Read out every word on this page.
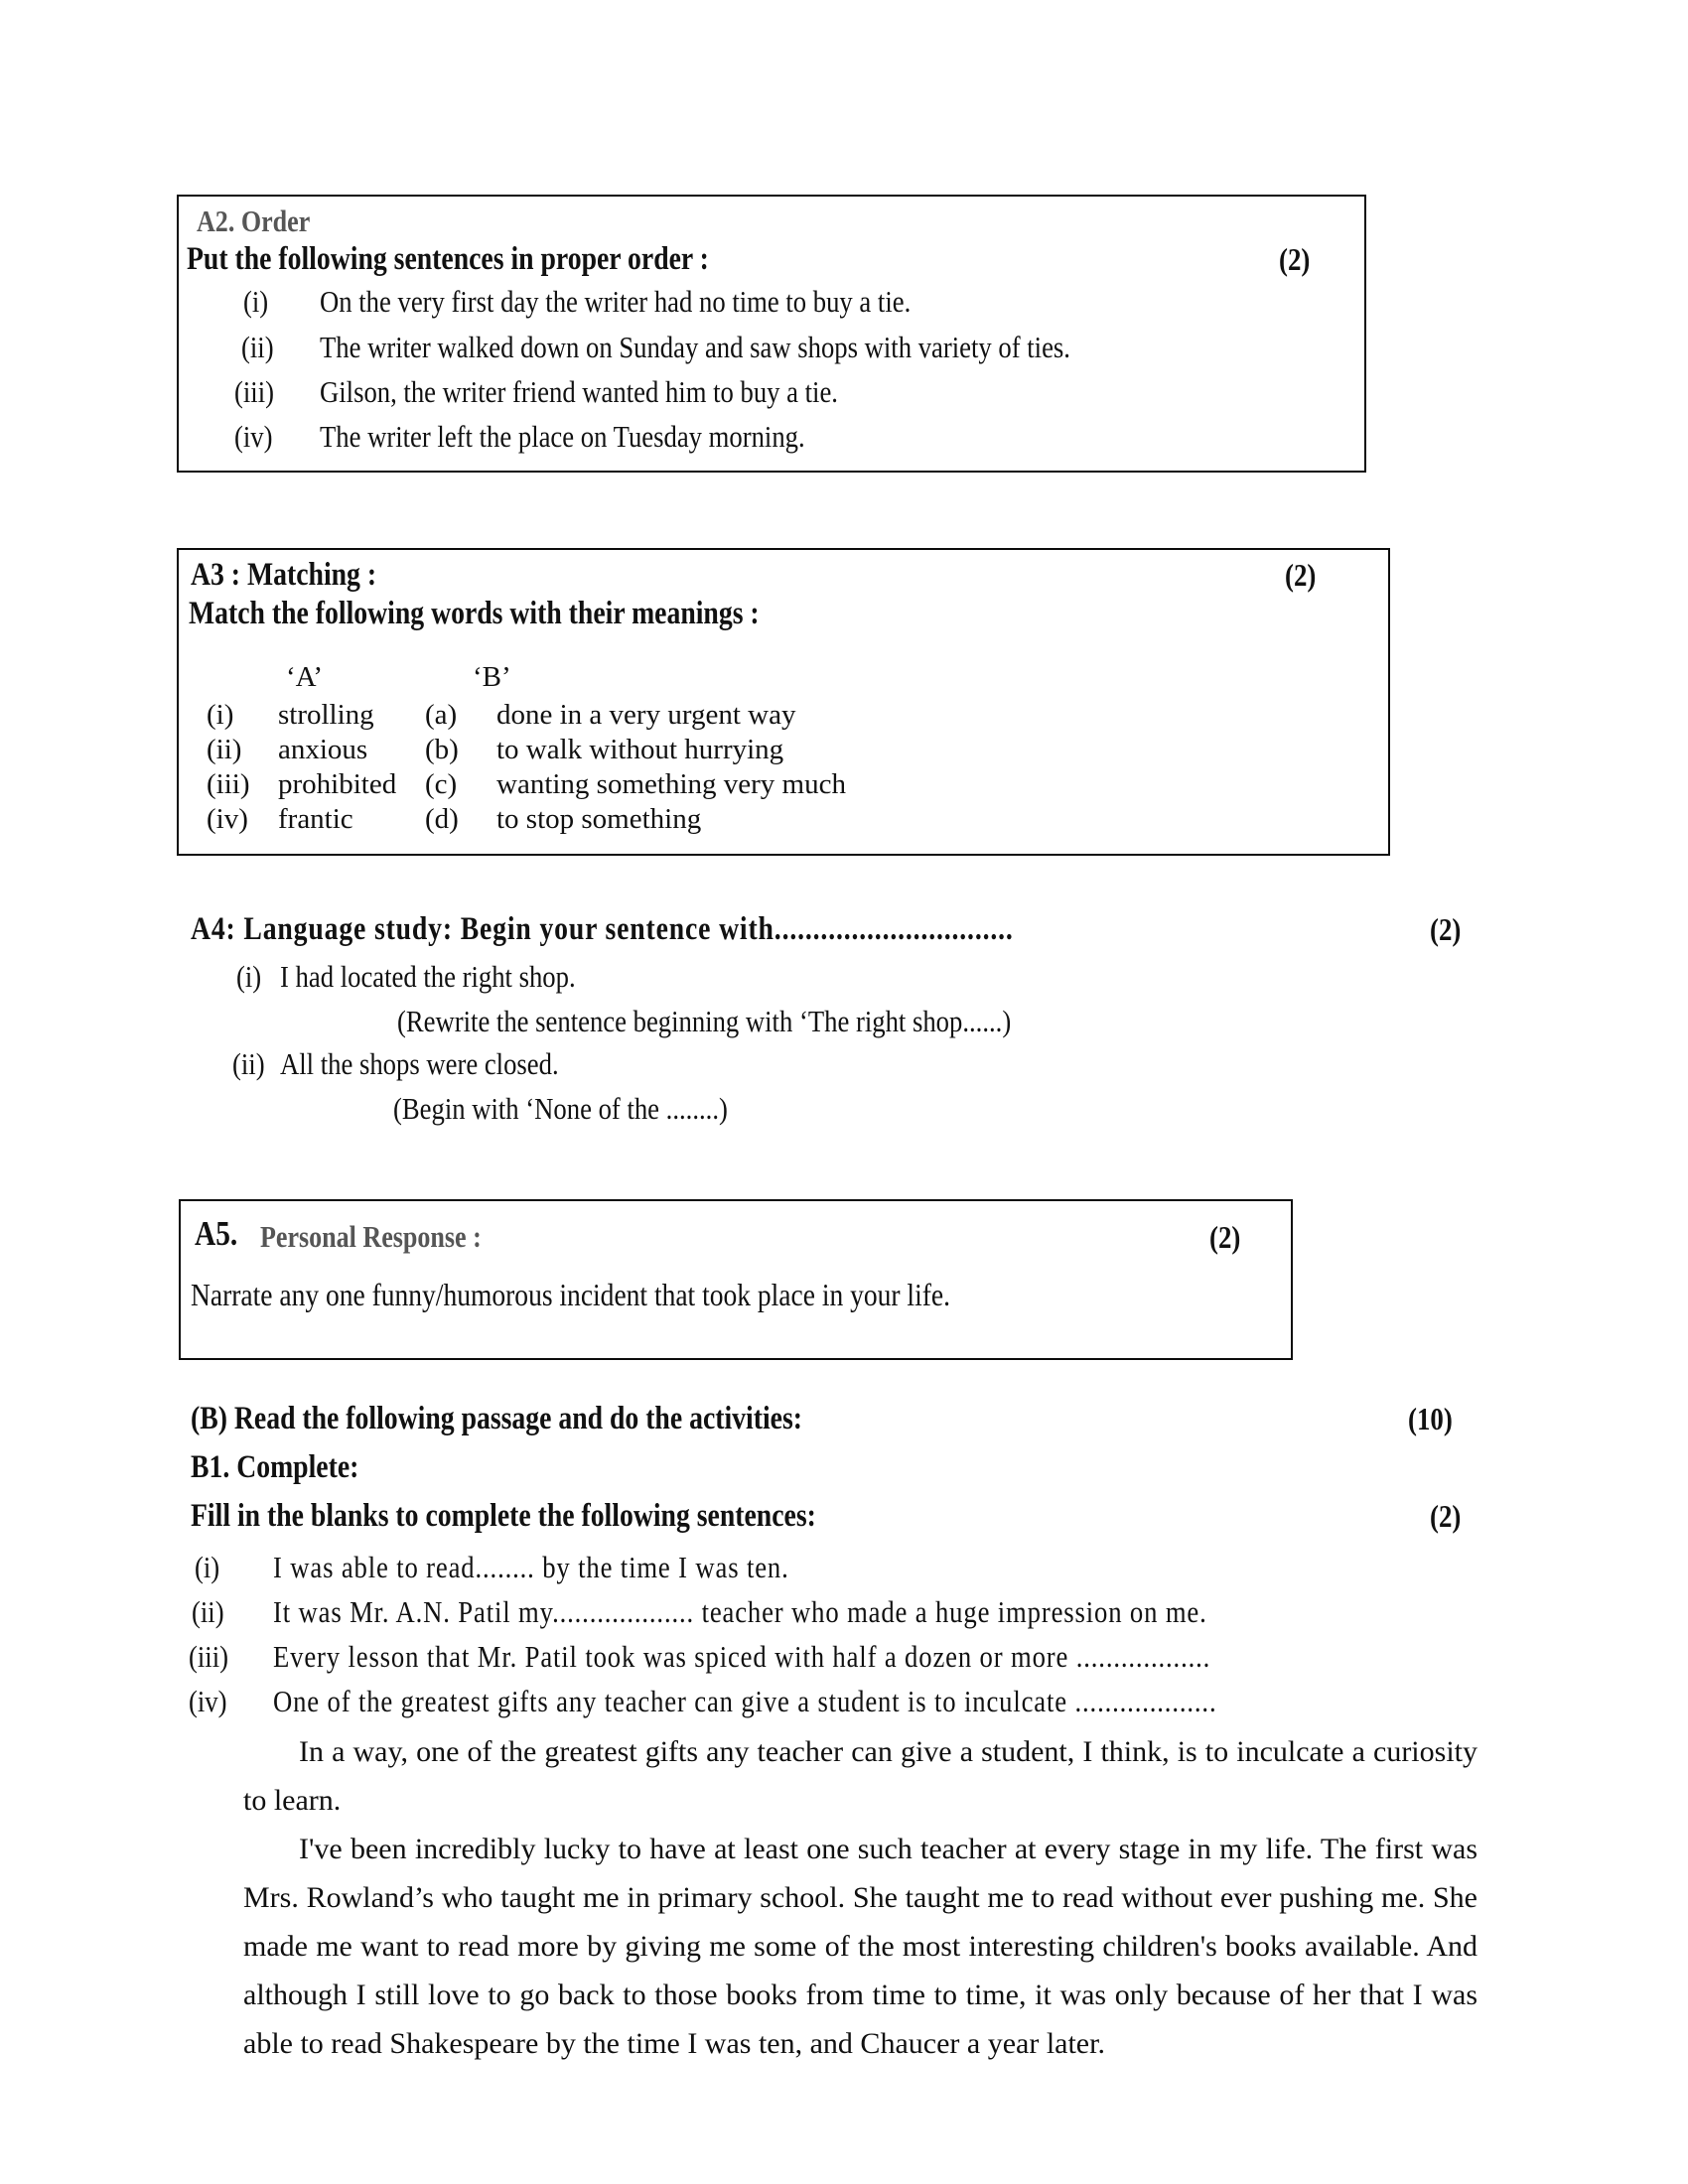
A2. Order
Put the following sentences in proper order :	(2)
(i) On the very first day the writer had no time to buy a tie.
(ii) The writer walked down on Sunday and saw shops with variety of ties.
(iii) Gilson, the writer friend wanted him to buy a tie.
(iv) The writer left the place on Tuesday morning.
A3 : Matching :	(2)
Match the following words with their meanings :
‘A’	‘B’
(i)	strolling	(a)	done in a very urgent way
(ii)	anxious	(b)	to walk without hurrying
(iii)	prohibited	(c)	wanting something very much
(iv)	frantic	(d)	to stop something
A4: Language study: Begin your sentence with...............................	(2)
(i) I had located the right shop.
(Rewrite the sentence beginning with ‘The right shop......)
(ii) All the shops were closed.
(Begin with ‘None of the ........)
A5. Personal Response :	(2)
Narrate any one funny/humorous incident that took place in your life.
(B) Read the following passage and do the activities:	(10)
B1. Complete:
Fill in the blanks to complete the following sentences:	(2)
(i) I was able to read........ by the time I was ten.
(ii) It was Mr. A.N. Patil my................... teacher who made a huge impression on me.
(iii) Every lesson that Mr. Patil took was spiced with half a dozen or more ..................
(iv) One of the greatest gifts any teacher can give a student is to inculcate ...................
In a way, one of the greatest gifts any teacher can give a student, I think, is to inculcate a curiosity to learn.
I've been incredibly lucky to have at least one such teacher at every stage in my life. The first was Mrs. Rowland’s who taught me in primary school. She taught me to read without ever pushing me. She made me want to read more by giving me some of the most interesting children's books available. And although I still love to go back to those books from time to time, it was only because of her that I was able to read Shakespeare by the time I was ten, and Chaucer a year later.
